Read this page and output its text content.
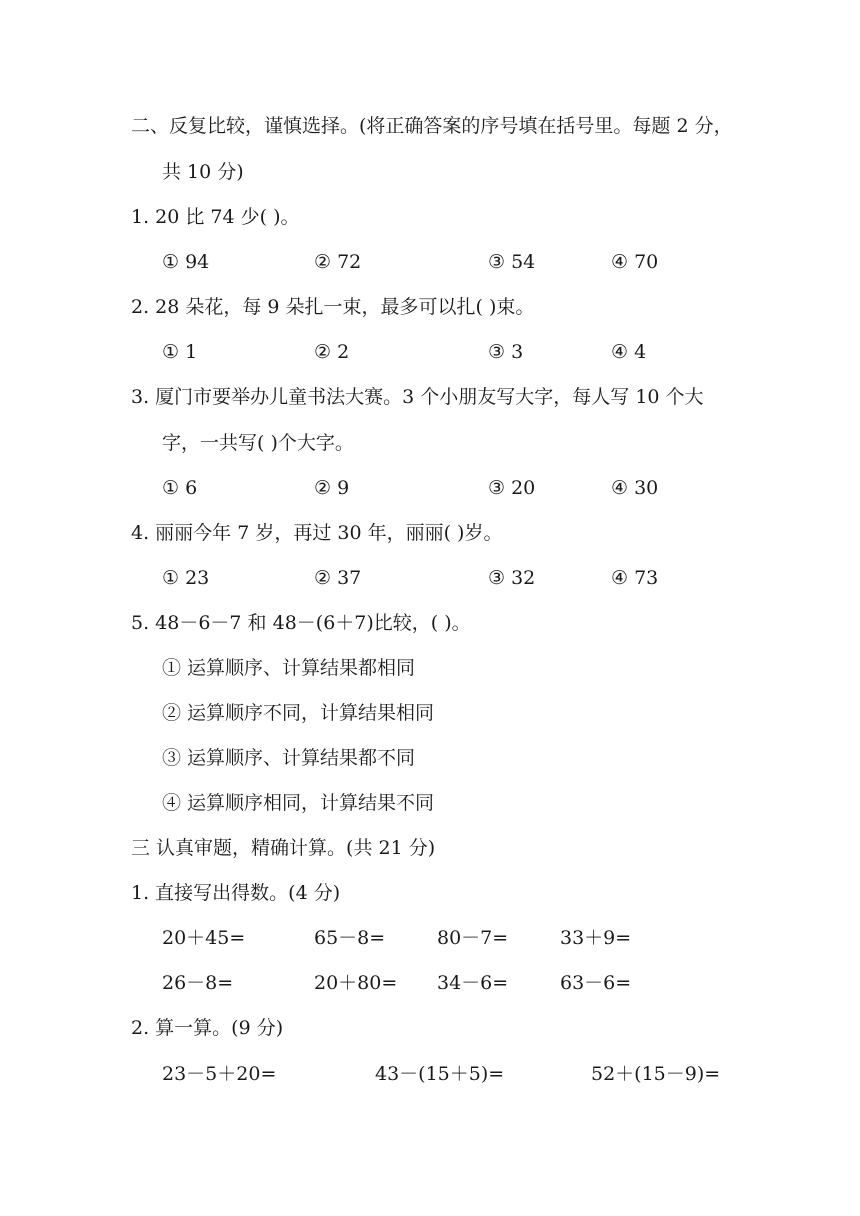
二、反复比较，谨慎选择。(将正确答案的序号填在括号里。每题 2 分，
共 10 分)
1. 20 比 74 少( )。
① 94	② 72	③ 54	④ 70
2. 28 朵花，每 9 朵扎一束，最多可以扎( )束。
① 1	② 2	③ 3	④ 4
3. 厦门市要举办儿童书法大赛。3 个小朋友写大字，每人写 10 个大
字，一共写( )个大字。
① 6	② 9	③ 20	④ 30
4. 丽丽今年 7 岁，再过 30 年，丽丽( )岁。
① 23	② 37	③ 32	④ 73
5. 48－6－7 和 48－(6＋7)比较，( )。
① 运算顺序、计算结果都相同
② 运算顺序不同，计算结果相同
③ 运算顺序、计算结果都不同
④ 运算顺序相同，计算结果不同
三 认真审题，精确计算。(共 21 分)
1. 直接写出得数。(4 分)
20＋45=	65－8=	80－7=	33＋9=
26－8=	20＋80= 34－6=	63－6=
2. 算一算。(9 分)
23－5＋20=	43－(15＋5)=	52＋(15－9)=
